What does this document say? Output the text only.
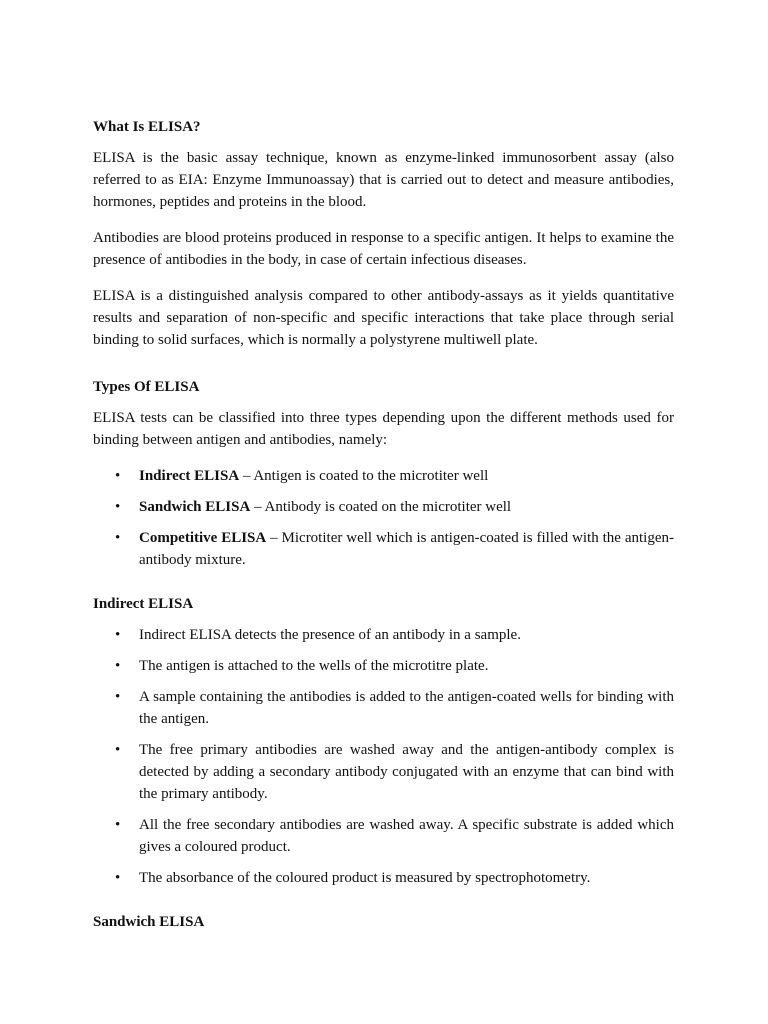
What Is ELISA?

ELISA is the basic assay technique, known as enzyme-linked immunosorbent assay (also referred to as EIA: Enzyme Immunoassay) that is carried out to detect and measure antibodies, hormones, peptides and proteins in the blood.

Antibodies are blood proteins produced in response to a specific antigen. It helps to examine the presence of antibodies in the body, in case of certain infectious diseases.

ELISA is a distinguished analysis compared to other antibody-assays as it yields quantitative results and separation of non-specific and specific interactions that take place through serial binding to solid surfaces, which is normally a polystyrene multiwell plate.

Types Of ELISA

ELISA tests can be classified into three types depending upon the different methods used for binding between antigen and antibodies, namely:

•	Indirect ELISA – Antigen is coated to the microtiter well
•	Sandwich ELISA – Antibody is coated on the microtiter well
•	Competitive ELISA – Microtiter well which is antigen-coated is filled with the antigen-antibody mixture.

Indirect ELISA

•	Indirect ELISA detects the presence of an antibody in a sample.
•	The antigen is attached to the wells of the microtitre plate.
•	A sample containing the antibodies is added to the antigen-coated wells for binding with the antigen.
•	The free primary antibodies are washed away and the antigen-antibody complex is detected by adding a secondary antibody conjugated with an enzyme that can bind with the primary antibody.
•	All the free secondary antibodies are washed away. A specific substrate is added which gives a coloured product.
•	The absorbance of the coloured product is measured by spectrophotometry.

Sandwich ELISA
